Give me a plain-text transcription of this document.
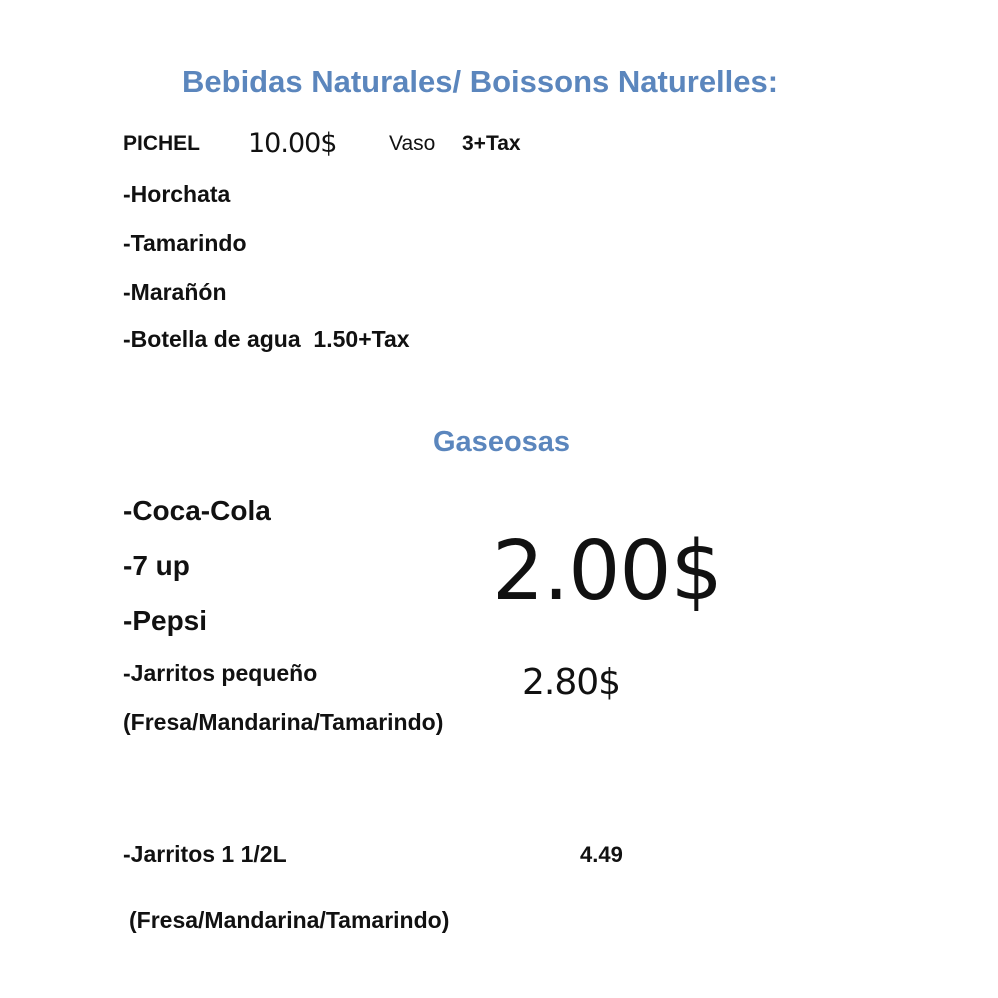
Bebidas Naturales/ Boissons Naturelles:
PICHEL 10.00$	Vaso 3+Tax
-Horchata
-Tamarindo
-Marañón
-Botella de agua  1.50+Tax
Gaseosas
-Coca-Cola
-7 up
-Pepsi
2.00$
-Jarritos pequeño	2.80$
(Fresa/Mandarina/Tamarindo)
-Jarritos 1 1/2L	4.49
(Fresa/Mandarina/Tamarindo)
